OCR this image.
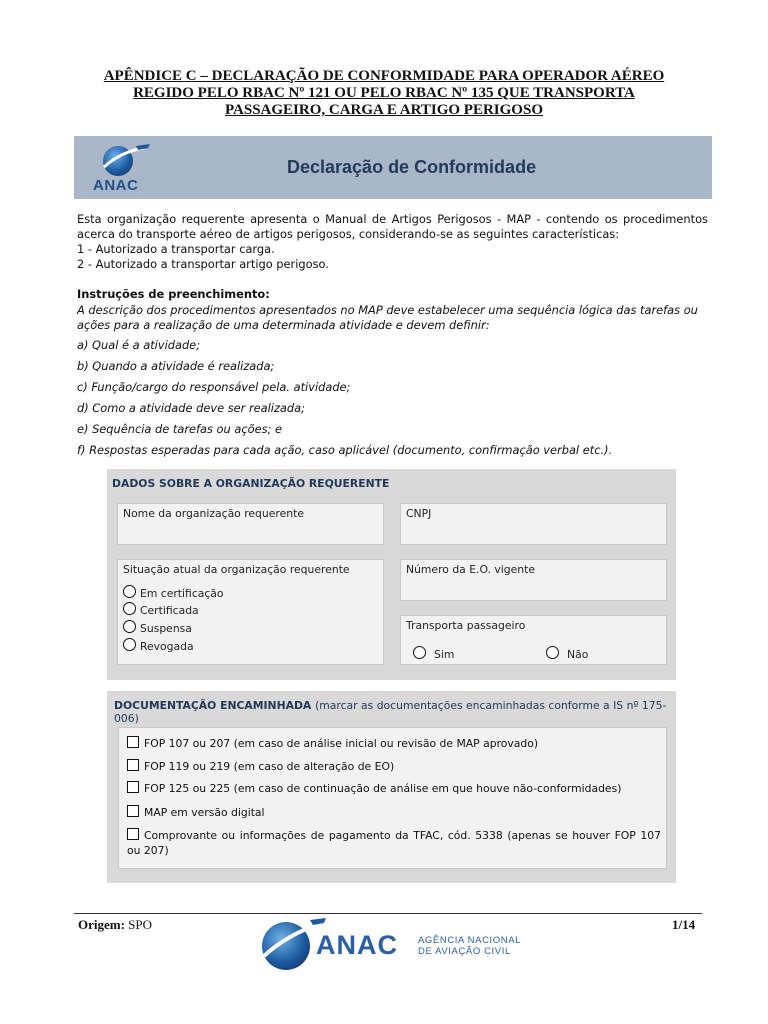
APÊNDICE C – DECLARAÇÃO DE CONFORMIDADE PARA OPERADOR AÉREO
REGIDO PELO RBAC Nº 121 OU PELO RBAC Nº 135 QUE TRANSPORTA
PASSAGEIRO, CARGA E ARTIGO PERIGOSO
ANAC
Declaração de Conformidade
Esta organização requerente apresenta o Manual de Artigos Perigosos - MAP - contendo os procedimentos acerca do transporte aéreo de artigos perigosos, considerando-se as seguintes características:
1 - Autorizado a transportar carga.
2 - Autorizado a transportar artigo perigoso.
Instruções de preenchimento:
A descrição dos procedimentos apresentados no MAP deve estabelecer uma sequência lógica das tarefas ou ações para a realização de uma determinada atividade e devem definir:
a) Qual é a atividade;
b) Quando a atividade é realizada;
c) Função/cargo do responsável pela. atividade;
d) Como a atividade deve ser realizada;
e) Sequência de tarefas ou ações; e
f) Respostas esperadas para cada ação, caso aplicável (documento, confirmação verbal etc.).
DADOS SOBRE A ORGANIZAÇÃO REQUERENTE
Nome da organização requerente	CNPJ
Situação atual da organização requerente
Em certificação
Certificada
Suspensa
Revogada
Número da E.O. vigente
Transporta passageiro
Sim	Não
DOCUMENTAÇÃO ENCAMINHADA (marcar as documentações encaminhadas conforme a IS nº 175-006)
FOP 107 ou 207 (em caso de análise inicial ou revisão de MAP aprovado)
FOP 119 ou 219 (em caso de alteração de EO)
FOP 125 ou 225 (em caso de continuação de análise em que houve não-conformidades)
MAP em versão digital
Comprovante ou informações de pagamento da TFAC, cód. 5338 (apenas se houver FOP 107 ou 207)
Origem: SPO	1/14
ANAC AGÊNCIA NACIONAL
DE AVIAÇÃO CIVIL
